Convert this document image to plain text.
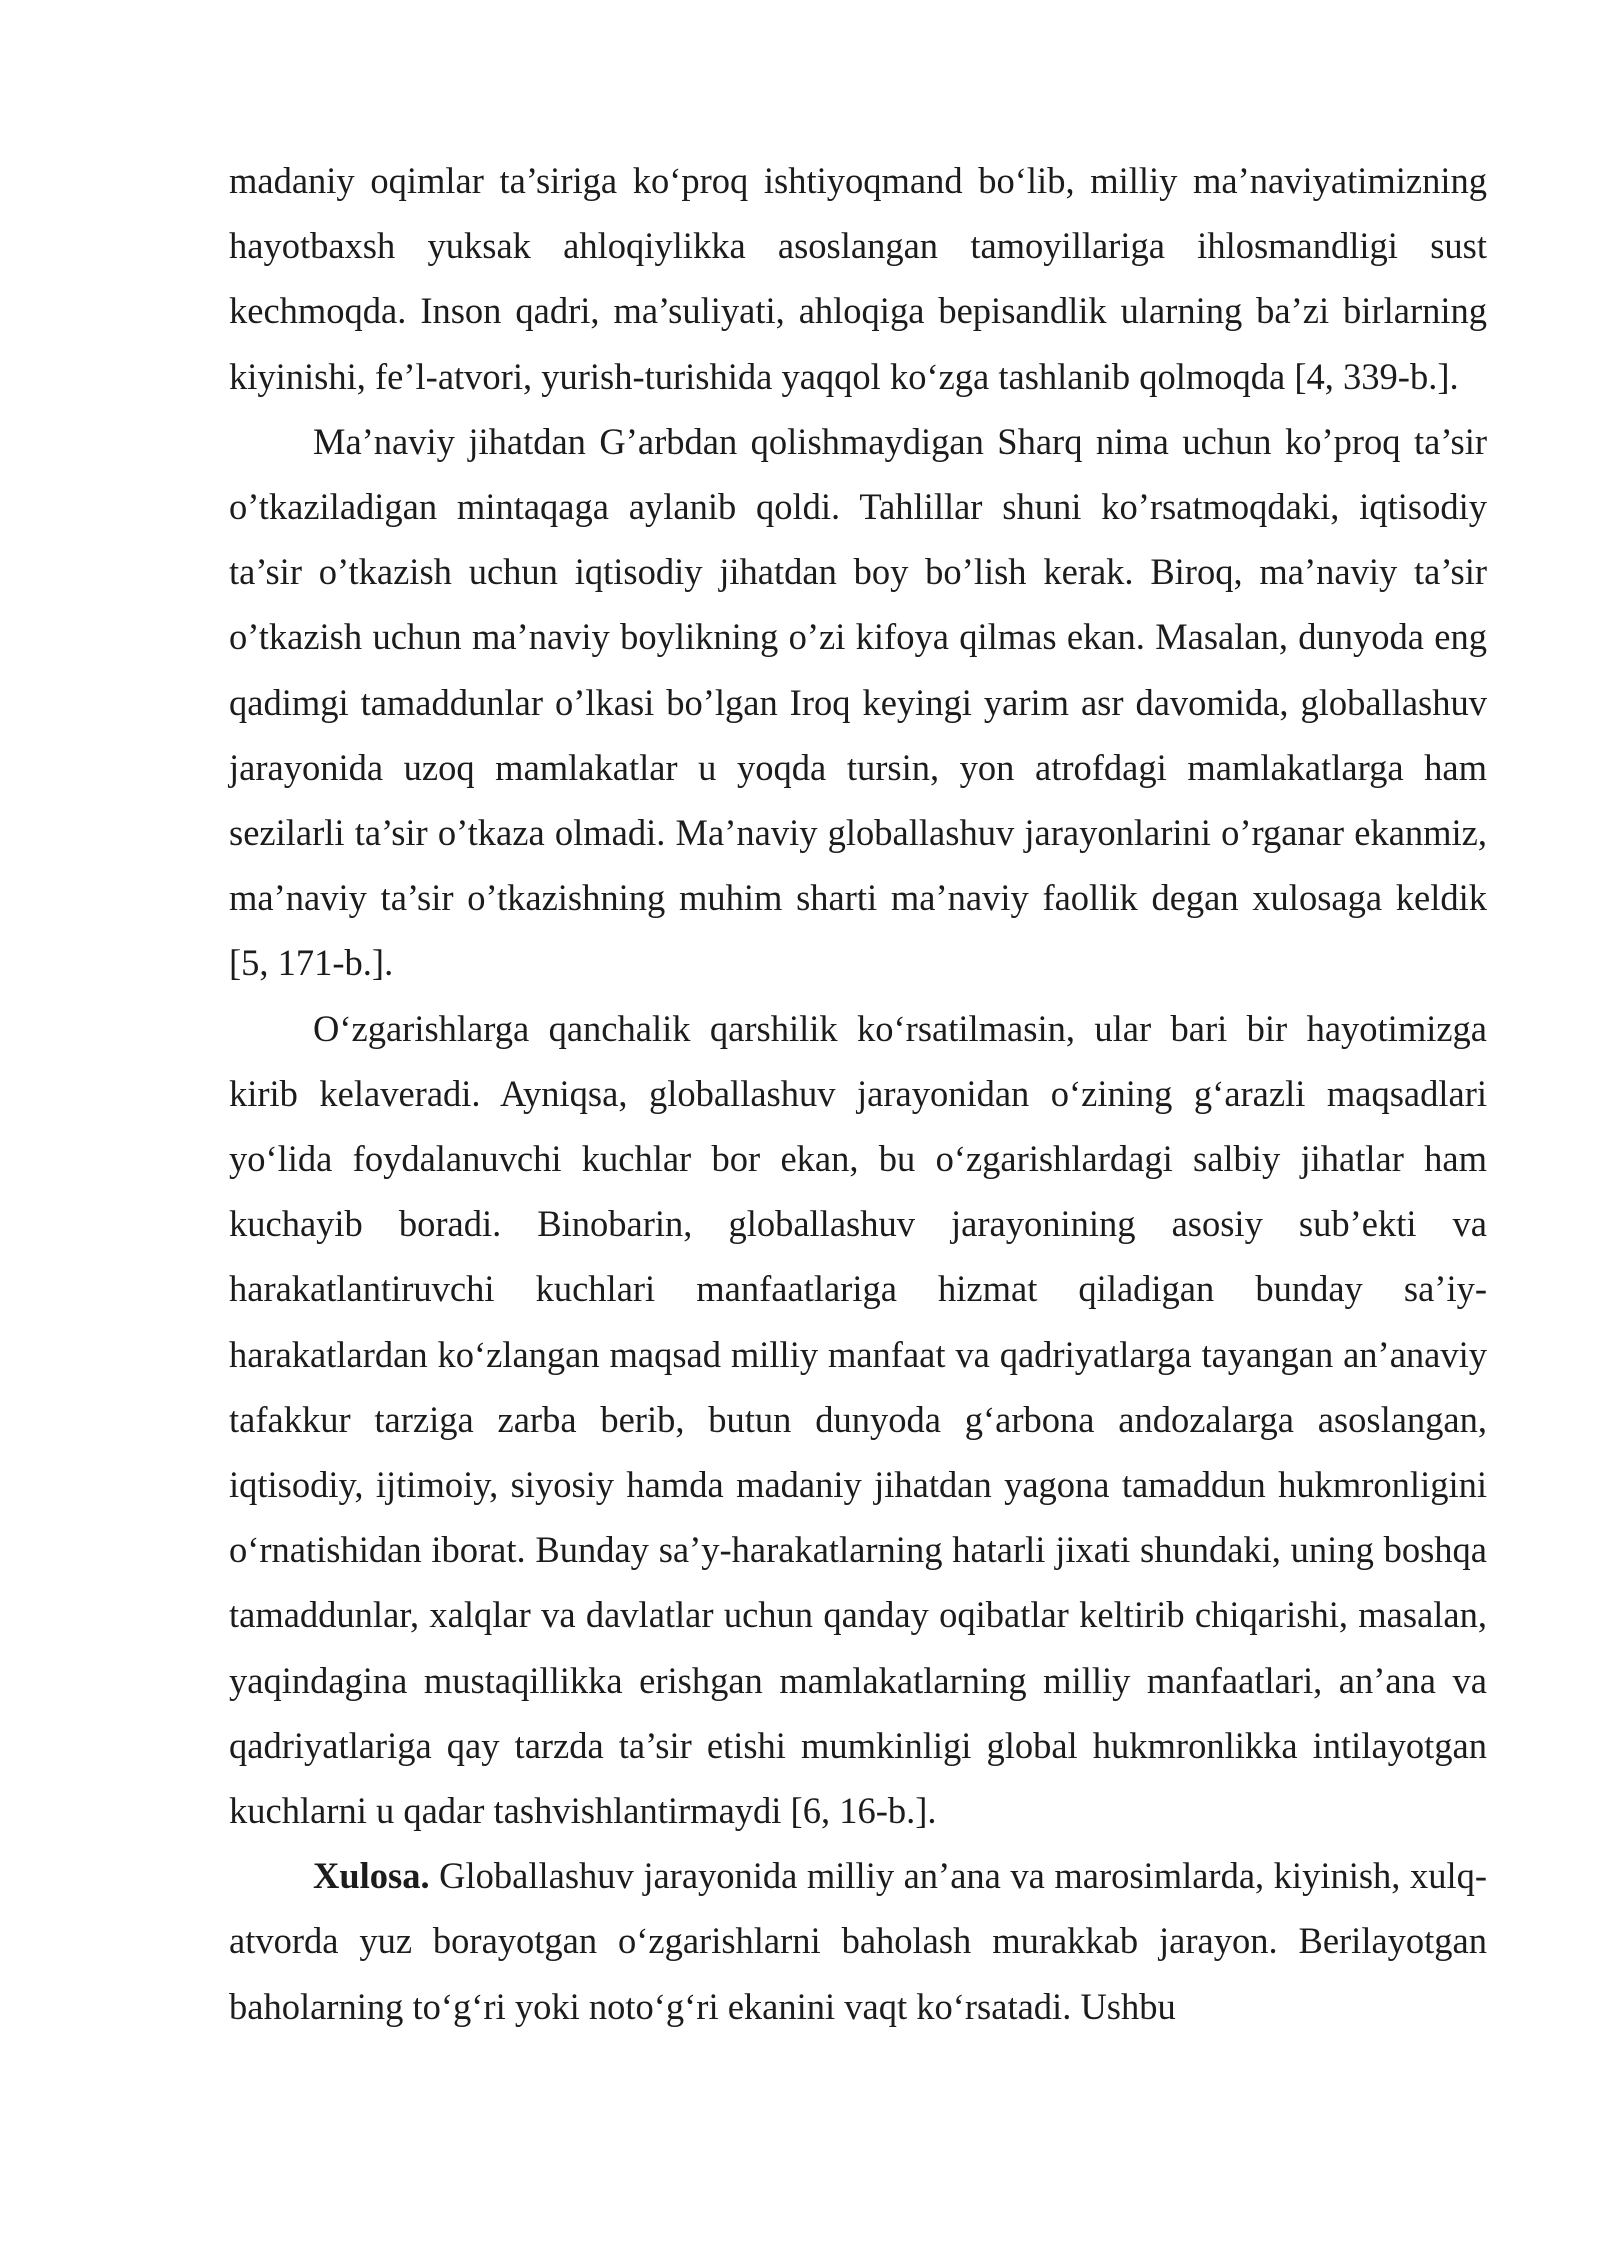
madaniy oqimlar ta’siriga ko‘proq ishtiyoqmand bo‘lib, milliy ma’naviyatimizning hayotbaxsh yuksak ahloqiylikka asoslangan tamoyillariga ihlosmandligi sust kechmoqda. Inson qadri, ma’suliyati, ahloqiga bepisandlik ularning ba’zi birlarning kiyinishi, fe’l-atvori, yurish-turishida yaqqol ko‘zga tashlanib qolmoqda [4, 339-b.].

Ma’naviy jihatdan G’arbdan qolishmaydigan Sharq nima uchun ko’proq ta’sir o’tkaziladigan mintaqaga aylanib qoldi. Tahlillar shuni ko’rsatmoqdaki, iqtisodiy ta’sir o’tkazish uchun iqtisodiy jihatdan boy bo’lish kerak. Biroq, ma’naviy ta’sir o’tkazish uchun ma’naviy boylikning o’zi kifoya qilmas ekan. Masalan, dunyoda eng qadimgi tamaddunlar o’lkasi bo’lgan Iroq keyingi yarim asr davomida, globallashuv jarayonida uzoq mamlakatlar u yoqda tursin, yon atrofdagi mamlakatlarga ham sezilarli ta’sir o’tkaza olmadi. Ma’naviy globallashuv jarayonlarini o’rganar ekanmiz, ma’naviy ta’sir o’tkazishning muhim sharti ma’naviy faollik degan xulosaga keldik [5, 171-b.].

O‘zgarishlarga qanchalik qarshilik ko‘rsatilmasin, ular bari bir hayotimizga kirib kelaveradi. Ayniqsa, globallashuv jarayonidan o‘zining g‘arazli maqsadlari yo‘lida foydalanuvchi kuchlar bor ekan, bu o‘zgarishlardagi salbiy jihatlar ham kuchayib boradi. Binobarin, globallashuv jarayonining asosiy sub’ekti va harakatlantiruvchi kuchlari manfaatlariga hizmat qiladigan bunday sa’iy-harakatlardan ko‘zlangan maqsad milliy manfaat va qadriyatlarga tayangan an’anaviy tafakkur tarziga zarba berib, butun dunyoda g‘arbona andozalarga asoslangan, iqtisodiy, ijtimoiy, siyosiy hamda madaniy jihatdan yagona tamaddun hukmronligini o‘rnatishidan iborat. Bunday sa’y-harakatlarning hatarli jixati shundaki, uning boshqa tamaddunlar, xalqlar va davlatlar uchun qanday oqibatlar keltirib chiqarishi, masalan, yaqindagina mustaqillikka erishgan mamlakatlarning milliy manfaatlari, an’ana va qadriyatlariga qay tarzda ta’sir etishi mumkinligi global hukmronlikka intilayotgan kuchlarni u qadar tashvishlantirmaydi [6, 16-b.].

Xulosa. Globallashuv jarayonida milliy an’ana va marosimlarda, kiyinish, xulq-atvorda yuz borayotgan o‘zgarishlarni baholash murakkab jarayon. Berilayotgan baholarning to‘g‘ri yoki noto‘g‘ri ekanini vaqt ko‘rsatadi. Ushbu
